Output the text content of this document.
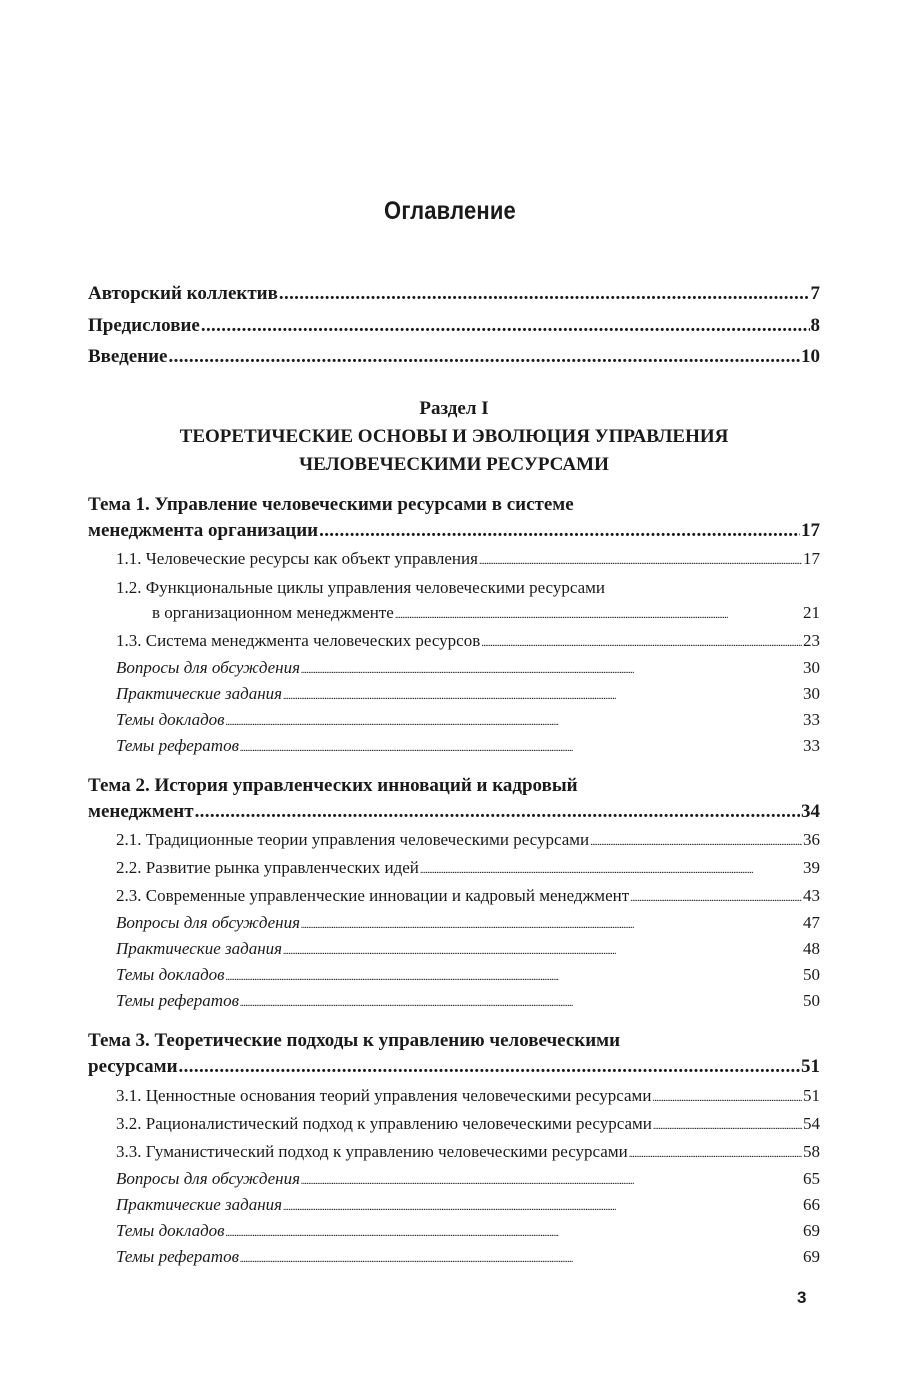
Оглавление
Авторский коллектив . . .	7
Предисловие . . .	8
Введение . . .	10
Раздел I
ТЕОРЕТИЧЕСКИЕ ОСНОВЫ И ЭВОЛЮЦИЯ УПРАВЛЕНИЯ
ЧЕЛОВЕЧЕСКИМИ РЕСУРСАМИ
Тема 1. Управление человеческими ресурсами в системе
менеджмента организации . . .	17
1.1. Человеческие ресурсы как объект управления . . .	17
1.2. Функциональные циклы управления человеческими ресурсами
в организационном менеджменте . . .	21
1.3. Система менеджмента человеческих ресурсов . . .	23
Вопросы для обсуждения . . .	30
Практические задания . . .	30
Темы докладов . . .	33
Темы рефератов . . .	33
Тема 2. История управленческих инноваций и кадровый
менеджмент . . .	34
2.1. Традиционные теории управления человеческими ресурсами . . .	36
2.2. Развитие рынка управленческих идей . . .	39
2.3. Современные управленческие инновации и кадровый менеджмент . . .	43
Вопросы для обсуждения . . .	47
Практические задания . . .	48
Темы докладов . . .	50
Темы рефератов . . .	50
Тема 3. Теоретические подходы к управлению человеческими
ресурсами . . .	51
3.1. Ценностные основания теорий управления человеческими ресурсами . . .	51
3.2. Рационалистический подход к управлению человеческими ресурсами . . .	54
3.3. Гуманистический подход к управлению человеческими ресурсами . . .	58
Вопросы для обсуждения . . .	65
Практические задания . . .	66
Темы докладов . . .	69
Темы рефератов . . .	69
3
